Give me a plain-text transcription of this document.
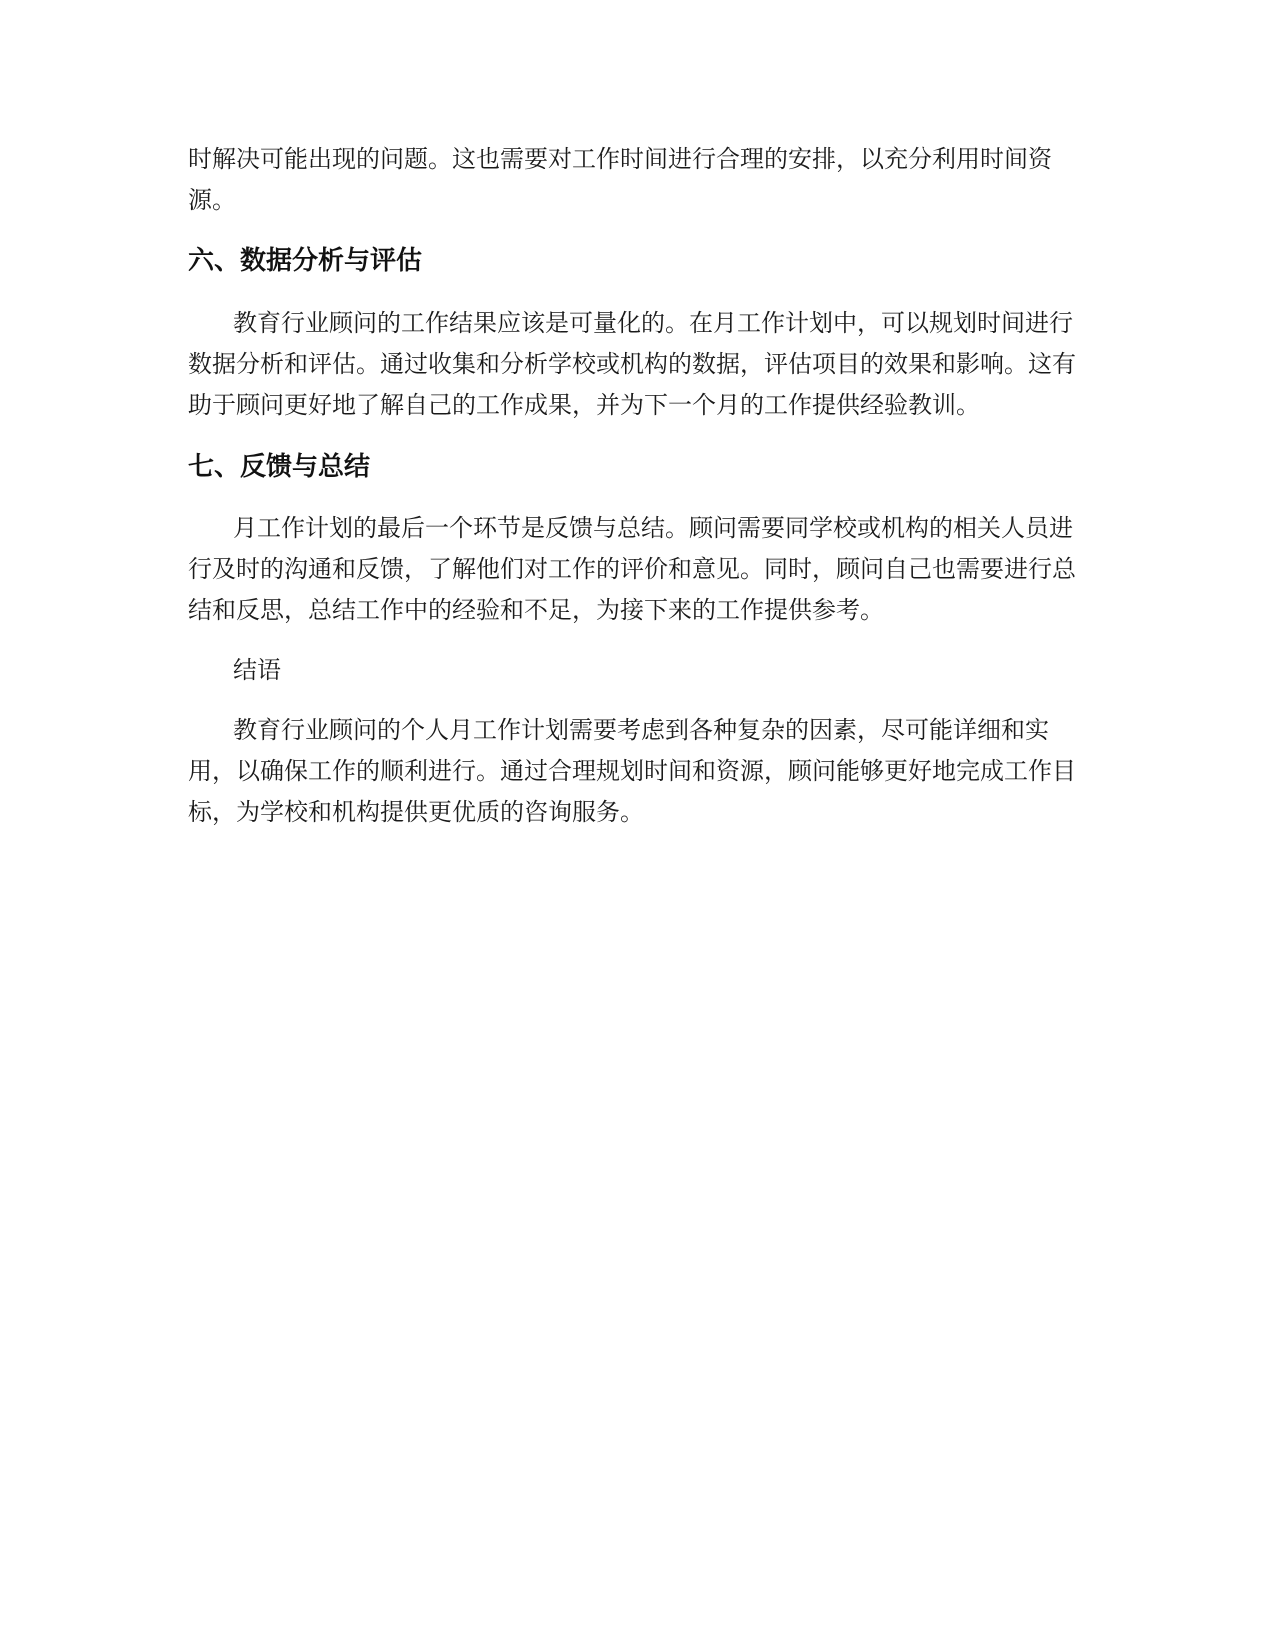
时解决可能出现的问题。这也需要对工作时间进行合理的安排，以充分利用时间资源。

六、数据分析与评估

教育行业顾问的工作结果应该是可量化的。在月工作计划中，可以规划时间进行数据分析和评估。通过收集和分析学校或机构的数据，评估项目的效果和影响。这有助于顾问更好地了解自己的工作成果，并为下一个月的工作提供经验教训。

七、反馈与总结

月工作计划的最后一个环节是反馈与总结。顾问需要同学校或机构的相关人员进行及时的沟通和反馈，了解他们对工作的评价和意见。同时，顾问自己也需要进行总结和反思，总结工作中的经验和不足，为接下来的工作提供参考。

结语

教育行业顾问的个人月工作计划需要考虑到各种复杂的因素，尽可能详细和实用，以确保工作的顺利进行。通过合理规划时间和资源，顾问能够更好地完成工作目标，为学校和机构提供更优质的咨询服务。
